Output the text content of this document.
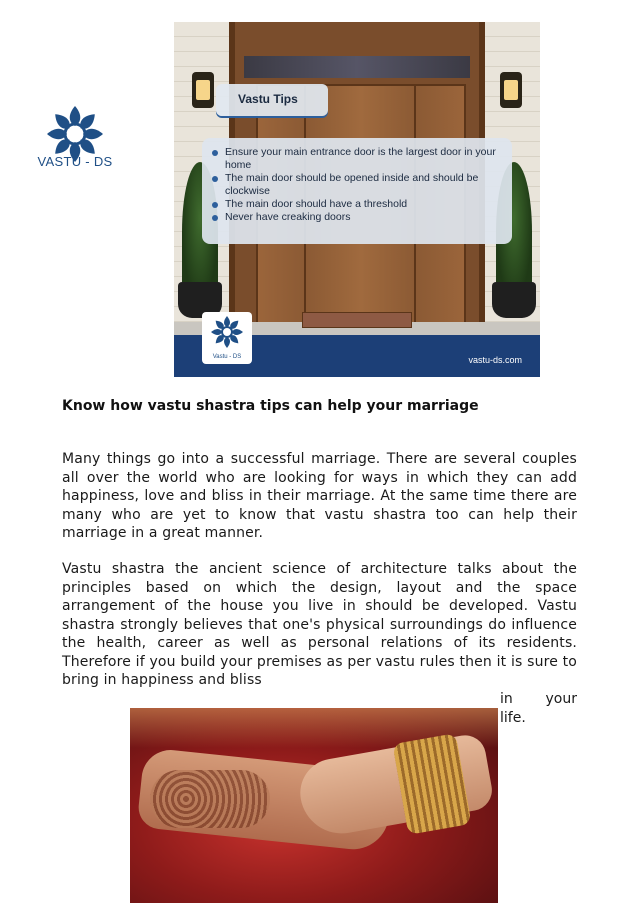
VASTU - DS
Vastu Tips
Ensure your main entrance door is the largest door in your home
The main door should be opened inside and should be clockwise
The main door should have a threshold
Never have creaking doors
vastu-ds.com
Vastu - DS
Know how vastu shastra tips can help your marriage

Many things go into a successful marriage. There are several couples all over the world who are looking for ways in which they can add happiness, love and bliss in their marriage. At the same time there are many who are yet to know that vastu shastra too can help their marriage in a great manner.

Vastu shastra the ancient science of architecture talks about the principles based on which the design, layout and the space arrangement of the house you live in should be developed. Vastu shastra strongly believes that one's physical surroundings do influence the health, career as well as personal relations of its residents. Therefore if you build your premises as per vastu rules then it is sure to bring in happiness and bliss

in your
life.
